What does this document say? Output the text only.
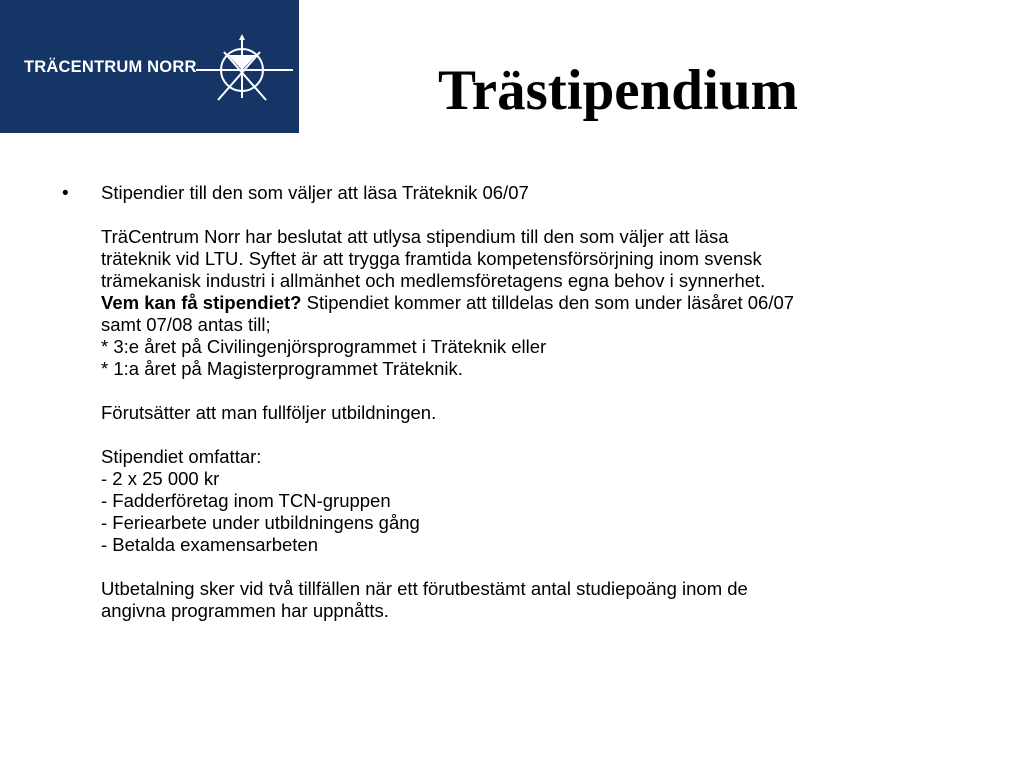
TRÄCENTRUM NORR	Trästipendium
• Stipendier till den som väljer att läsa Träteknik 06/07
TräCentrum Norr har beslutat att utlysa stipendium till den som väljer att läsa
träteknik vid LTU. Syftet är att trygga framtida kompetensförsörjning inom svensk
trämekanisk industri i allmänhet och medlemsföretagens egna behov i synnerhet.
Vem kan få stipendiet? Stipendiet kommer att tilldelas den som under läsåret 06/07
samt 07/08 antas till;
* 3:e året på Civilingenjörsprogrammet i Träteknik eller
* 1:a året på Magisterprogrammet Träteknik.
Förutsätter att man fullföljer utbildningen.
Stipendiet omfattar:
- 2 x 25 000 kr
- Fadderföretag inom TCN-gruppen
- Feriearbete under utbildningens gång
- Betalda examensarbeten
Utbetalning sker vid två tillfällen när ett förutbestämt antal studiepoäng inom de
angivna programmen har uppnåtts.
